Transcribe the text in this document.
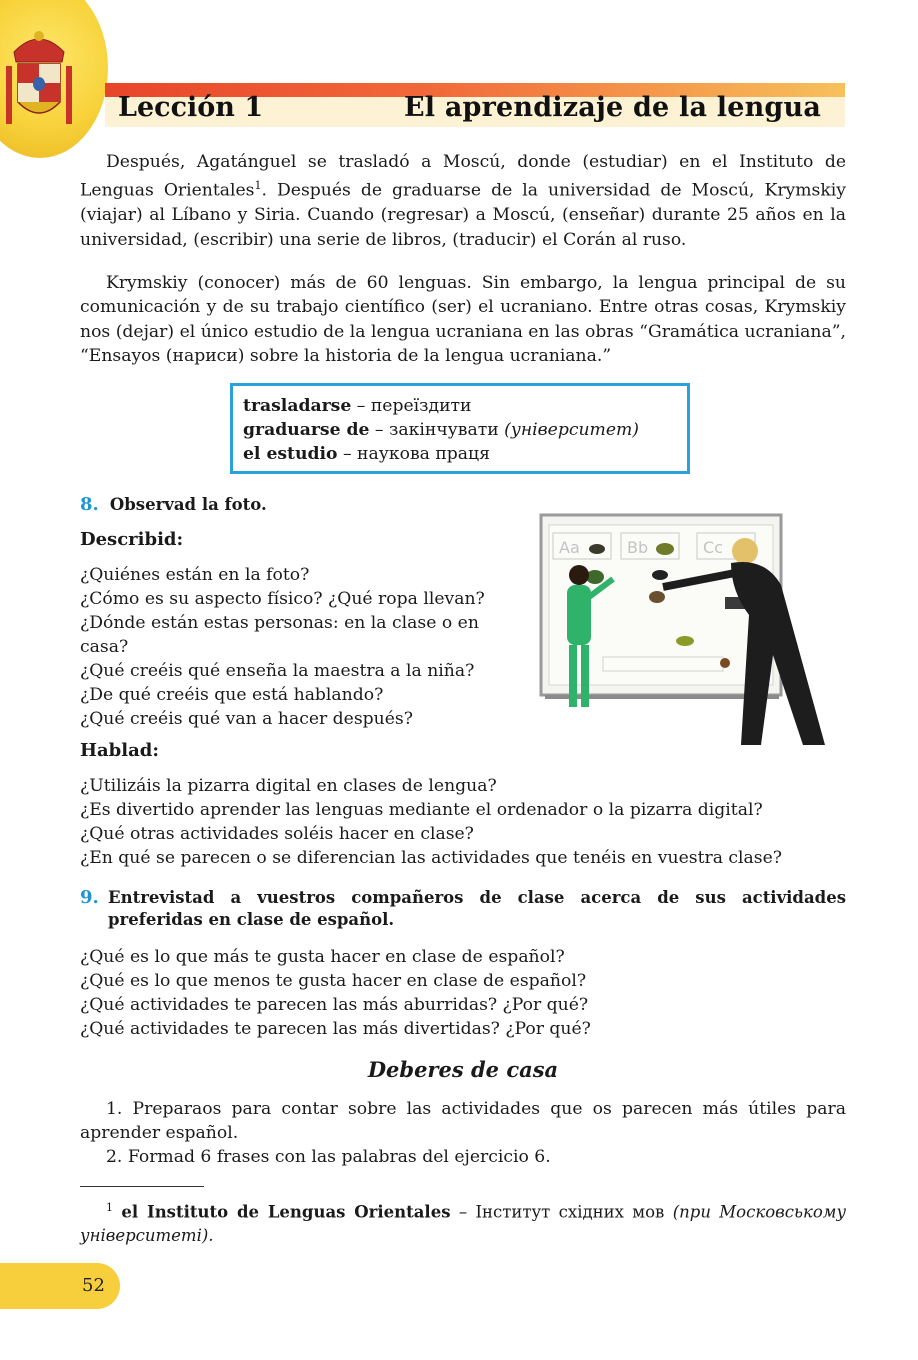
Lección 1	El aprendizaje de la lengua
Después, Agatánguel se trasladó a Moscú, donde (estudiar) en el Instituto de Lenguas Orientales$^1$. Después de graduarse de la universidad de Moscú, Krymskiy (viajar) al Líbano y Siria. Cuando (regresar) a Moscú, (enseñar) durante 25 años en la universidad, (escribir) una serie de libros, (traducir) el Corán al ruso.
Krymskiy (conocer) más de 60 lenguas. Sin embargo, la lengua principal de su comunicación y de su trabajo científico (ser) el ucraniano. Entre otras cosas, Krymskiy nos (dejar) el único estudio de la lengua ucraniana en las obras “Gramática ucraniana”, “Ensayos (нариси) sobre la historia de la lengua ucraniana.”
trasladarse – переїздити
graduarse de – закінчувати (університет)
el estudio – наукова праця
8. Observad la foto.
Describid:
¿Quiénes están en la foto?
¿Cómo es su aspecto físico? ¿Qué ropa llevan?
¿Dónde están estas personas: en la clase o en
casa?
¿Qué creéis qué enseña la maestra a la niña?
¿De qué creéis que está hablando?
¿Qué creéis qué van a hacer después?
Aa	Bb	Cc
Hablad:
¿Utilizáis la pizarra digital en clases de lengua?
¿Es divertido aprender las lenguas mediante el ordenador o la pizarra digital?
¿Qué otras actividades soléis hacer en clase?
¿En qué se parecen o se diferencian las actividades que tenéis en vuestra clase?
9. Entrevistad a vuestros compañeros de clase acerca de sus actividades preferidas en clase de español.
¿Qué es lo que más te gusta hacer en clase de español?
¿Qué es lo que menos te gusta hacer en clase de español?
¿Qué actividades te parecen las más aburridas? ¿Por qué?
¿Qué actividades te parecen las más divertidas? ¿Por qué?
Deberes de casa
1. Preparaos para contar sobre las actividades que os parecen más útiles para aprender español.
2. Formad 6 frases con las palabras del ejercicio 6.
$^1$ el Instituto de Lenguas Orientales – Інститут східних мов (при Московському університеті).
52
